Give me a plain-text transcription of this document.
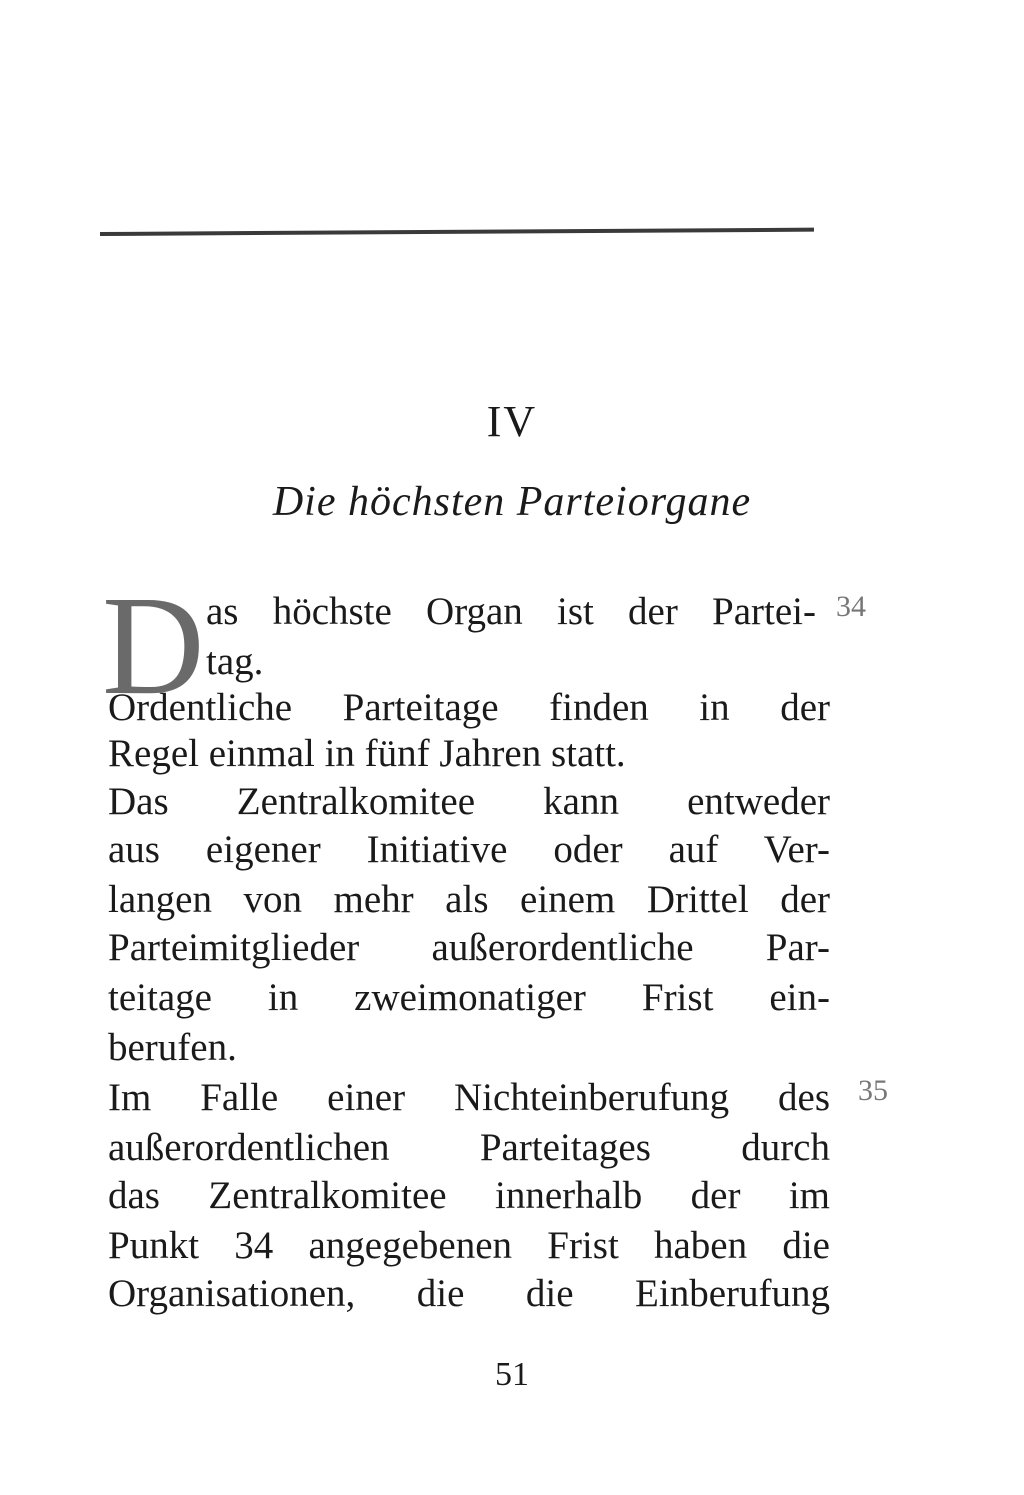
IV
Die höchsten Parteiorgane
D as höchste Organ ist der Partei-
tag.
Ordentliche Parteitage finden in der
Regel einmal in fünf Jahren statt.
Das Zentralkomitee kann entweder
aus eigener Initiative oder auf Ver-
langen von mehr als einem Drittel der
Parteimitglieder außerordentliche Par-
teitage in zweimonatiger Frist ein-
berufen.
Im Falle einer Nichteinberufung des
außerordentlichen Parteitages durch
das Zentralkomitee innerhalb der im
Punkt 34 angegebenen Frist haben die
Organisationen, die die Einberufung
34
35
51
